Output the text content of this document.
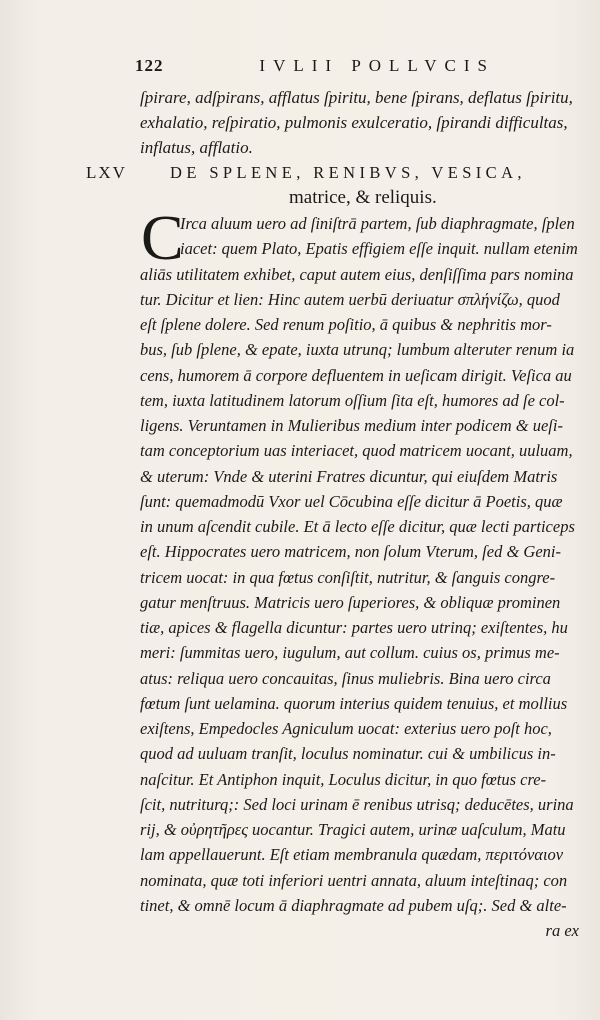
122	IVLII POLLVCIS
ſpirare, adſpirans, afflatus ſpiritu, bene ſpirans, deflatus ſpiritu,
exhalatio, reſpiratio, pulmonis exulceratio, ſpirandi difficultas,
inflatus, afflatio.
LXV	DE SPLENE, RENIBVS, VESICA,
matrice, & reliquis.
C
Irca aluum uero ad ſiniſtrā partem, ſub diaphragmate, ſplen
iacet: quem Plato, Epatis effigiem eſſe inquit. nullam etenim
aliās utilitatem exhibet, caput autem eius, denſiſſima pars nomina
tur. Dicitur et lien: Hinc autem uerbū deriuatur σπλήνίζω, quod
eſt ſplene dolere. Sed renum poſitio, ā quibus & nephritis mor-
bus, ſub ſplene, & epate, iuxta utrunq; lumbum alteruter renum ia
cens, humorem ā corpore defluentem in ueſicam dirigit. Veſica au
tem, iuxta latitudinem latorum oſſium ſita eſt, humores ad ſe col-
ligens. Veruntamen in Mulieribus medium inter podicem & ueſi-
tam conceptorium uas interiacet, quod matricem uocant, uuluam,
& uterum: Vnde & uterini Fratres dicuntur, qui eiuſdem Matris
ſunt: quemadmodū Vxor uel Cōcubina eſſe dicitur ā Poetis, quæ
in unum aſcendit cubile. Et ā lecto eſſe dicitur, quæ lecti particeps
eſt. Hippocrates uero matricem, non ſolum Vterum, ſed & Geni-
tricem uocat: in qua fœtus conſiſtit, nutritur, & ſanguis congre-
gatur menſtruus. Matricis uero ſuperiores, & obliquæ prominen
tiæ, apices & flagella dicuntur: partes uero utrinq; exiſtentes, hu
meri: ſummitas uero, iugulum, aut collum. cuius os, primus me-
atus: reliqua uero concauitas, ſinus muliebris. Bina uero circa
fœtum ſunt uelamina. quorum interius quidem tenuius, et mollius
exiſtens, Empedocles Agniculum uocat: exterius uero poſt hoc,
quod ad uuluam tranſit, loculus nominatur. cui & umbilicus in-
naſcitur. Et Antiphon inquit, Loculus dicitur, in quo fœtus cre-
ſcit, nutriturq;: Sed loci urinam ē renibus utrisq; deducētes, urina
rij, & οὐρητῆρες uocantur. Tragici autem, urinæ uaſculum, Matu
lam appellauerunt. Eſt etiam membranula quædam, περιτόναιον
nominata, quæ toti inferiori uentri annata, aluum inteſtinaq; con
tinet, & omnē locum ā diaphragmate ad pubem uſq;. Sed & alte-
ra ex
